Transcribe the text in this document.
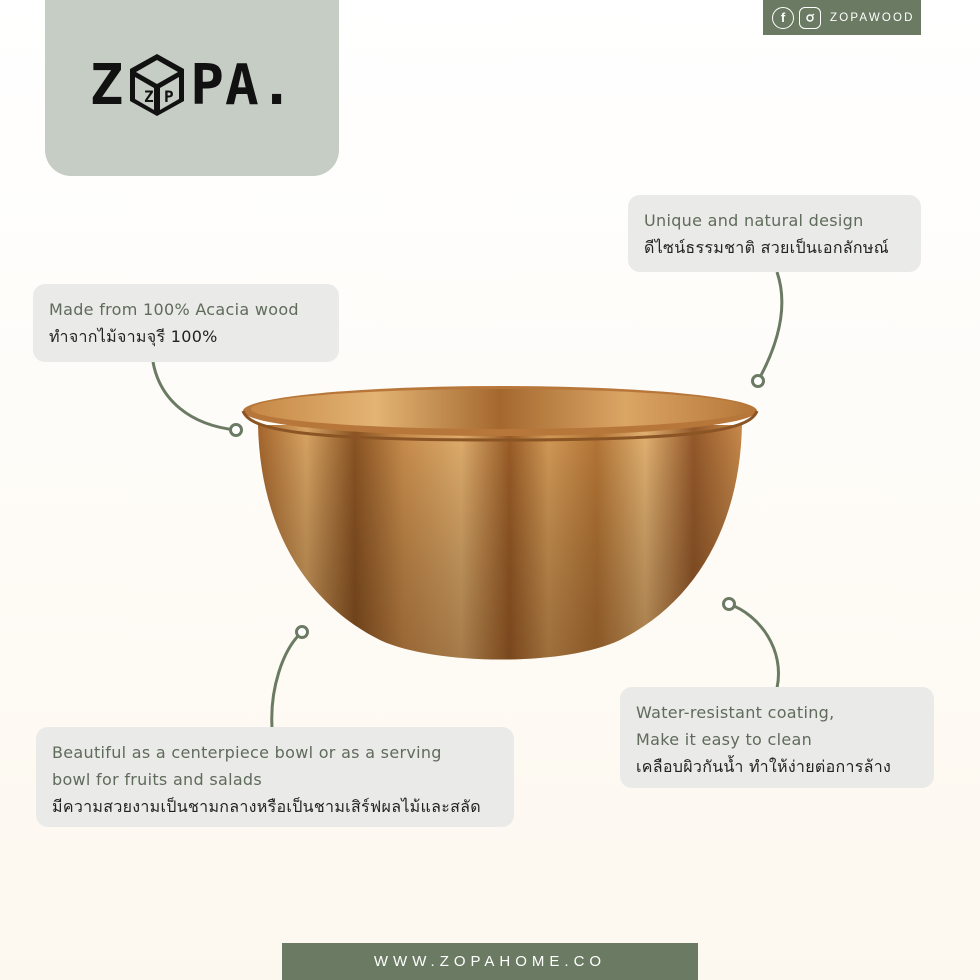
Z Z P PA.
f	ZOPAWOOD
Unique and natural design
ดีไซน์ธรรมชาติ สวยเป็นเอกลักษณ์
Made from 100% Acacia wood
ทำจากไม้จามจุรี 100%
Beautiful as a centerpiece bowl or as a serving
bowl for fruits and salads
มีความสวยงามเป็นชามกลางหรือเป็นชามเสิร์ฟผลไม้และสลัด
Water-resistant coating,
Make it easy to clean
เคลือบผิวกันน้ำ ทำให้ง่ายต่อการล้าง
WWW.ZOPAHOME.CO
